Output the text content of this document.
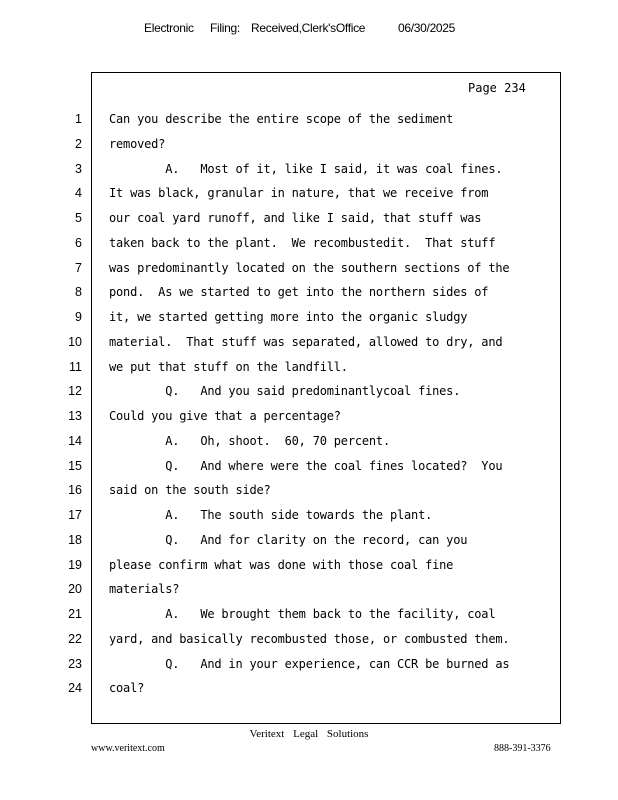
Electronic Filing: Received,Clerk'sOffice	06/30/2025
Page 234
1 Can you describe the entire scope of the sediment
2 removed?
3 A.   Most of it, like I said, it was coal fines.
4 It was black, granular in nature, that we receive from
5 our coal yard runoff, and like I said, that stuff was
6 taken back to the plant.  We recombustedit.  That stuff
7 was predominantly located on the southern sections of the
8 pond.  As we started to get into the northern sides of
9 it, we started getting more into the organic sludgy
10 material.  That stuff was separated, allowed to dry, and
11 we put that stuff on the landfill.
12 Q.   And you said predominantlycoal fines.
13 Could you give that a percentage?
14 A.   Oh, shoot.  60, 70 percent.
15 Q.   And where were the coal fines located?  You
16 said on the south side?
17 A.   The south side towards the plant.
18 Q.   And for clarity on the record, can you
19 please confirm what was done with those coal fine
20 materials?
21 A.   We brought them back to the facility, coal
22 yard, and basically recombusted those, or combusted them.
23 Q.   And in your experience, can CCR be burned as
24 coal?
Veritext Legal Solutions
www.veritext.com	888-391-3376
